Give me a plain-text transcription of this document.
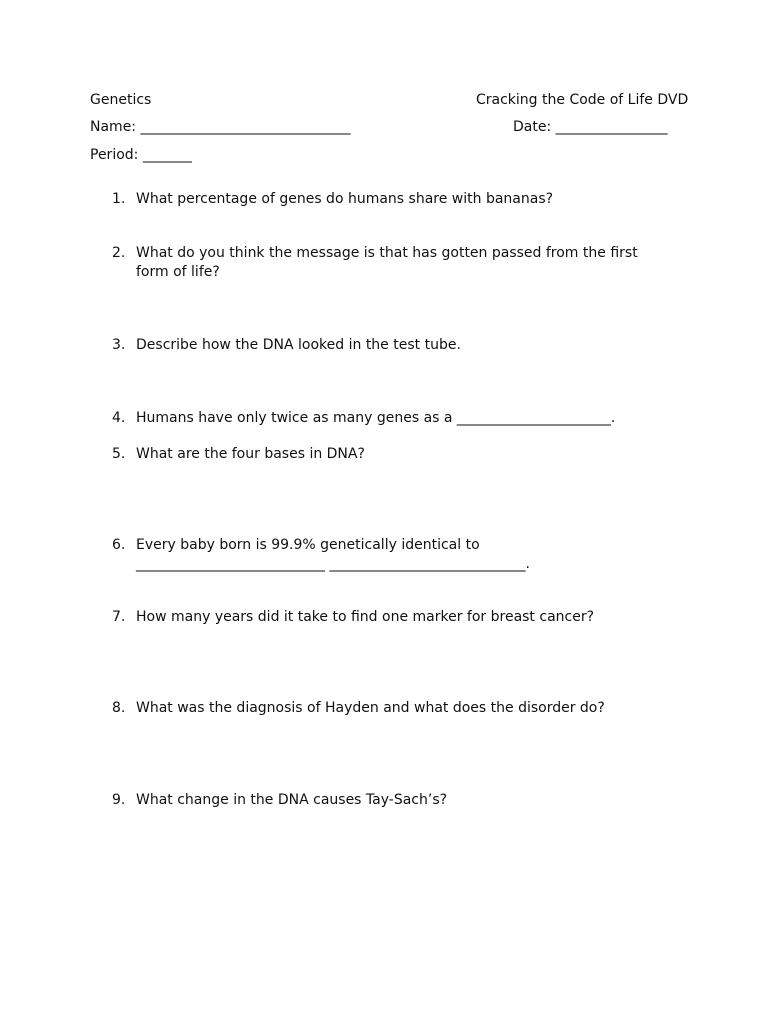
Genetics	Cracking the Code of Life DVD
Name: ______________________________	Date: ________________
Period: _______
1. What percentage of genes do humans share with bananas?
2. What do you think the message is that has gotten passed from the first form of life?
3. Describe how the DNA looked in the test tube.
4. Humans have only twice as many genes as a ______________________.
5. What are the four bases in DNA?
6. Every baby born is 99.9% genetically identical to ___________________________ ____________________________.
7. How many years did it take to find one marker for breast cancer?
8. What was the diagnosis of Hayden and what does the disorder do?
9. What change in the DNA causes Tay-Sach’s?
